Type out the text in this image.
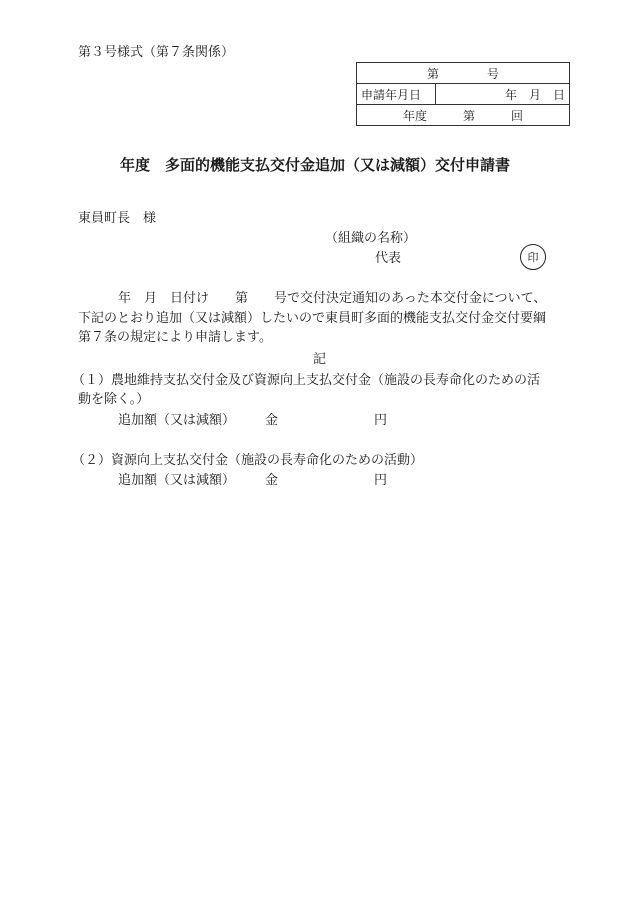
第３号様式（第７条関係）
第　　　　号
申請年月日	年　月　日
年度　　　第　　　回
年度　多面的機能支払交付金追加（又は減額）交付申請書
東員町長　様
（組織の名称）
代表	印
年　月　日付け　　第　　号で交付決定通知のあった本交付金について、
下記のとおり追加（又は減額）したいので東員町多面的機能支払交付金交付要綱
第７条の規定により申請します。
記
（１）農地維持支払交付金及び資源向上支払交付金（施設の長寿命化のための活
動を除く。）
追加額（又は減額） 金	円
（２）資源向上支払交付金（施設の長寿命化のための活動）
追加額（又は減額） 金	円
